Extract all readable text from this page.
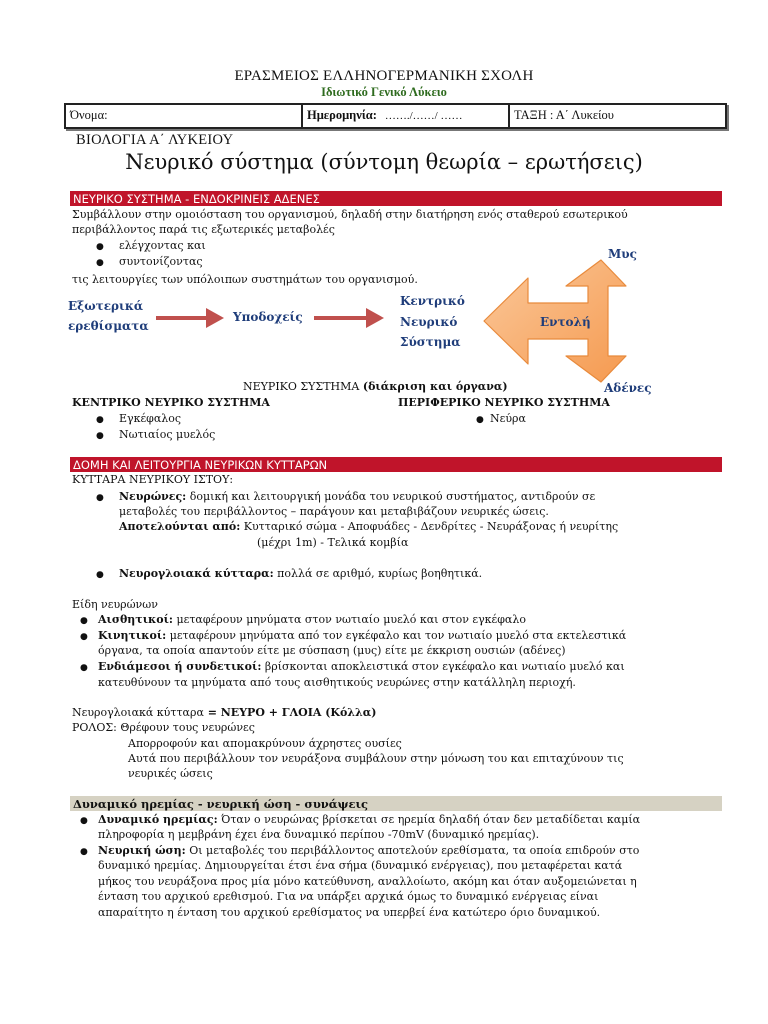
ΕΡΑΣΜΕΙΟΣ ΕΛΛΗΝΟΓΕΡΜΑΝΙΚΗ ΣΧΟΛΗ
Ιδιωτικό Γενικό Λύκειο
Όνομα:	Ημερομηνία: ……./……/ ……	ΤΑΞΗ : Α΄ Λυκείου
ΒΙΟΛΟΓΙΑ Α΄ ΛΥΚΕΙΟΥ
Νευρικό σύστημα (σύντομη θεωρία – ερωτήσεις)
ΝΕΥΡΙΚΟ ΣΥΣΤΗΜΑ - ΕΝΔΟΚΡΙΝΕΙΣ ΑΔΕΝΕΣ
Συμβάλλουν στην ομοιόσταση του οργανισμού, δηλαδή στην διατήρηση ενός σταθερού εσωτερικού
περιβάλλοντος παρά τις εξωτερικές μεταβολές
● ελέγχοντας και
● συντονίζοντας
τις λειτουργίες των υπόλοιπων συστημάτων του οργανισμού.
Εξωτερικά
ερεθίσματα
Υποδοχείς
Κεντρικό
Νευρικό
Σύστημα
Μυς
Αδένες
Εντολή
ΝΕΥΡΙΚΟ ΣΥΣΤΗΜΑ (διάκριση και όργανα)
ΚΕΝΤΡΙΚΟ ΝΕΥΡΙΚΟ ΣΥΣΤΗΜΑ	ΠΕΡΙΦΕΡΙΚΟ ΝΕΥΡΙΚΟ ΣΥΣΤΗΜΑ
● Εγκέφαλος
● Νωτιαίος μυελός
● Νεύρα
ΔΟΜΗ ΚΑΙ ΛΕΙΤΟΥΡΓΙΑ ΝΕΥΡΙΚΩΝ ΚΥΤΤΑΡΩΝ
ΚΥΤΤΑΡΑ ΝΕΥΡΙΚΟΥ ΙΣΤΟΥ:
● Νευρώνες: δομική και λειτουργική μονάδα του νευρικού συστήματος, αντιδρούν σε
μεταβολές του περιβάλλοντος – παράγουν και μεταβιβάζουν νευρικές ώσεις.
Αποτελούνται από: Κυτταρικό σώμα - Αποφυάδες - Δενδρίτες - Νευράξονας ή νευρίτης
(μέχρι 1m) - Τελικά κομβία
● Νευρογλοιακά κύτταρα: πολλά σε αριθμό, κυρίως βοηθητικά.
Είδη νευρώνων
● Αισθητικοί: μεταφέρουν μηνύματα στον νωτιαίο μυελό και στον εγκέφαλο
● Κινητικοί: μεταφέρουν μηνύματα από τον εγκέφαλο και τον νωτιαίο μυελό στα εκτελεστικά
όργανα, τα οποία απαντούν είτε με σύσπαση (μυς) είτε με έκκριση ουσιών (αδένες)
● Ενδιάμεσοι ή συνδετικοί: βρίσκονται αποκλειστικά στον εγκέφαλο και νωτιαίο μυελό και
κατευθύνουν τα μηνύματα από τους αισθητικούς νευρώνες στην κατάλληλη περιοχή.
Νευρογλοιακά κύτταρα = ΝΕΥΡΟ + ΓΛΟΙΑ (Κόλλα)
ΡΟΛΟΣ: Θρέφουν τους νευρώνες
Απορροφούν και απομακρύνουν άχρηστες ουσίες
Αυτά που περιβάλλουν τον νευράξονα συμβάλουν στην μόνωση του και επιταχύνουν τις
νευρικές ώσεις
Δυναμικό ηρεμίας - νευρική ώση - συνάψεις
● Δυναμικό ηρεμίας: Όταν ο νευρώνας βρίσκεται σε ηρεμία δηλαδή όταν δεν μεταδίδεται καμία
πληροφορία η μεμβράνη έχει ένα δυναμικό περίπου -70mV (δυναμικό ηρεμίας).
● Νευρική ώση: Οι μεταβολές του περιβάλλοντος αποτελούν ερεθίσματα, τα οποία επιδρούν στο
δυναμικό ηρεμίας. Δημιουργείται έτσι ένα σήμα (δυναμικό ενέργειας), που μεταφέρεται κατά
μήκος του νευράξονα προς μία μόνο κατεύθυνση, αναλλοίωτο, ακόμη και όταν αυξομειώνεται η
ένταση του αρχικού ερεθισμού. Για να υπάρξει αρχικά όμως το δυναμικό ενέργειας είναι
απαραίτητο η ένταση του αρχικού ερεθίσματος να υπερβεί ένα κατώτερο όριο δυναμικού.
